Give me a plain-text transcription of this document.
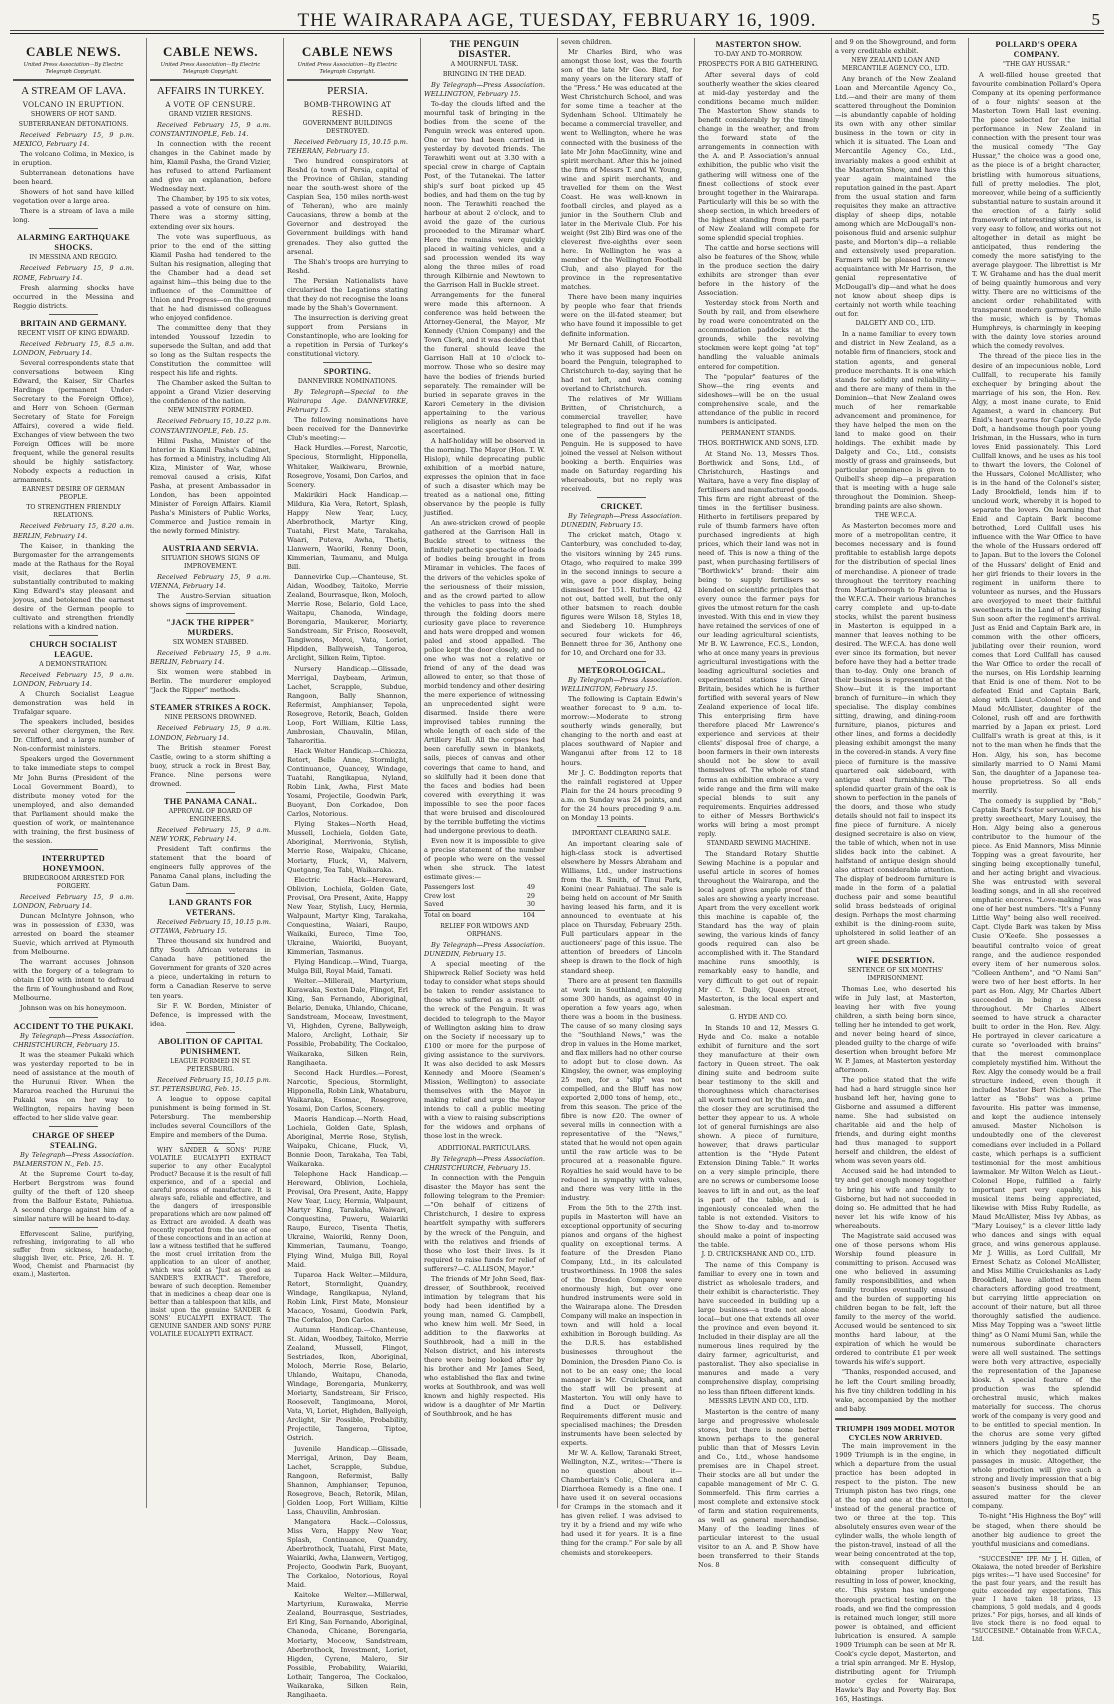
THE WAIRARAPA AGE, TUESDAY, FEBRUARY 16, 1909.	5
CABLE NEWS.
United Press Association—By Electric Telegraph Copyright.
A STREAM OF LAVA.
VOLCANO IN ERUPTION.
SHOWERS OF HOT SAND.
SUBTERRANEAN DETONATIONS.

Received February 15, 9 p.m. MEXICO, February 14.

The volcano Colima, in Mexico, is in eruption.

Subterranean detonations have been heard.

Showers of hot sand have killed vegetation over a large area.

There is a stream of lava a mile long.

ALARMING EARTHQUAKE SHOCKS.
IN MESSINA AND REGGIO.

Received February 15, 9 a.m. ROME, February 14.

Fresh alarming shocks have occurred in the Messina and Reggio districts.

BRITAIN AND GERMANY.
RECENT VISIT OF KING EDWARD.

Received February 15, 8.5 a.m. LONDON, February 14.

Several correspondents state that conversations between King Edward, the Kaiser, Sir Charles Hardinge (permanent Under-Secretary to the Foreign Office), and Herr von Schoen (German Secretary of State for Foreign Affairs), covered a wide field. Exchanges of view between the two Foreign Offices will be more frequent, while the general results should be highly satisfactory. Nobody expects a reduction in armaments.

EARNEST DESIRE OF GERMAN PEOPLE.
TO STRENGTHEN FRIENDLY RELATIONS.

Received February 15, 8.20 a.m. BERLIN, February 14.

The Kaiser, in thanking the Burgomaster for the arrangements made at the Rathaus for the Royal visit, declares that Berlin substantially contributed to making King Edward's stay pleasant and joyous, and betokened the earnest desire of the German people to cultivate and strengthen friendly relations with a kindred nation.

CHURCH SOCIALIST LEAGUE.
A DEMONSTRATION.

Received February 15, 9 a.m. LONDON, February 14.

A Church Socialist League demonstration was held in Trafalgar square.

The speakers included, besides several other clergymen, the Rev. Dr. Clifford, and a large number of Non-conformist ministers.

Speakers urged the Government to take immediate steps to compel Mr John Burns (President of the Local Government Board), to distribute money voted for the unemployed, and also demanded that Parliament should make the question of work, or maintenance with training, the first business of the session.

INTERRUPTED HONEYMOON.
BRIDEGROOM ARRESTED FOR FORGERY.

Received February 15, 9 a.m. LONDON, February 14.

Duncan McIntyre Johnson, who was in possession of £330, was arrested on board the steamer Suevic, which arrived at Plymouth from Melbourne.

The warrant accuses Johnson with the forgery of a telegram to obtain £100 with intent to defraud the firm of Younghusband and Row, Melbourne.

Johnson was on his honeymoon.

ACCIDENT TO THE PUKAKI.

By Telegraph—Press Association. CHRISTCHURCH, February 15.

It was the steamer Pukaki which was yesterday reported to be in need of assistance at the mouth of the Hurunui River. When the Mararoa reached the Hurunui the Pukaki was on her way to Wellington, repairs having been effected to her slide valve gear.

CHARGE OF SHEEP STEALING.

By Telegraph—Press Association. PALMERSTON N., Feb. 15.

At the Supreme Court to-day, Herbert Bergstrom was found guilty of the theft of 120 sheep from the Balfour Estate, Pahiatua. A second charge against him of a similar nature will be heard to-day.

Effervescent Saline, purifying, refreshing, invigorating to all who suffer from sickness, headache, sluggish liver, etc. Price, 2/6. H. T. Wood, Chemist and Pharmacist (by exam.), Masterton.

CABLE NEWS.
United Press Association—By Electric Telegraph Copyright.
AFFAIRS IN TURKEY.
A VOTE OF CENSURE.
GRAND VIZIER RESIGNS.

Received February 15, 9 a.m. CONSTANTINOPLE, Feb. 14.

In connection with the recent changes in the Cabinet made by him, Kiamil Pasha, the Grand Vizier, has refused to attend Parliament and give an explanation, before Wednesday next.

The Chamber, by 195 to six votes, passed a vote of censure on him. There was a stormy sitting, extending over six hours.

The vote was superfluous, as prior to the end of the sitting Kiamil Pasha had tendered to the Sultan his resignation, alleging that the Chamber had a dead set against him—this being due to the influence of the Committee of Union and Progress—on the ground that he had dismissed colleagues who enjoyed confidence.

The committee deny that they intended Youssouf Izzedin to supersede the Sultan, and add that so long as the Sultan respects the Constitution the committee will respect his life and rights.

The Chamber asked the Sultan to appoint a Grand Vizier deserving the confidence of the nation.

NEW MINISTRY FORMED.

Received February 15, 10.22 p.m. CONSTANTINOPLE, Feb. 15.

Hilmi Pasha, Minister of the Interior in Kiamil Pasha's Cabinet, has formed a Ministry, including Ali Kiza, Minister of War, whose removal caused a crisis, Kifat Pasha, at present Ambassador in London, has been appointed Minister of Foreign Affairs. Kiamil Pasha's Ministers of Public Works, Commerce and Justice remain in the newly formed Ministry.

AUSTRIA AND SERVIA.
SITUATION SHOWS SIGNS OF IMPROVEMENT.

Received February 15, 9 a.m. VIENNA, February 14.

The Austro-Servian situation shows signs of improvement.

"JACK THE RIPPER" MURDERS.
SIX WOMEN STABBED.

Received February 15, 9 a.m. BERLIN, February 14.

Six women were stabbed in Berlin. The murderer employed "Jack the Ripper" methods.

STEAMER STRIKES A ROCK.
NINE PERSONS DROWNED.

Received February 15, 9 a.m. LONDON, February 14.

The British steamer Forest Castle, owing to a storm shifting a buoy, struck a rock in Brest Bay, France. Nine persons were drowned.

THE PANAMA CANAL.
APPROVAL OF BOARD OF ENGINEERS.

Received February 15, 9 a.m. NEW YORK, February 14.

President Taft confirms the statement that the board of engineers fully approves of the Panama Canal plans, including the Gatun Dam.

LAND GRANTS FOR VETERANS.

Received February 15, 10.15 p.m. OTTAWA, February 15.

Three thousand six hundred and fifty South African veterans in Canada have petitioned the Government for grants of 320 acres a piece, undertaking in return to form a Canadian Reserve to serve ten years.

Sir F. W. Borden, Minister of Defence, is impressed with the idea.

ABOLITION OF CAPITAL PUNISHMENT.
LEAGUE FORMED IN ST. PETERSBURG.

Received February 15, 10.15 p.m. ST. PETERSBURG, Feb. 15.

A league to oppose capital punishment is being formed in St. Petersburg. The membership includes several Councillors of the Empire and members of the Duma.

WHY SANDER & SONS' PURE VOLATILE EUCALYPTI EXTRACT superior to any other Eucalyptol Product? Because it is the result of full experience, and of a special and careful process of manufacture. It is always safe, reliable and effective, and the dangers of irresponsible preparations which are now palmed off as Extract are avoided. A death was recently reported from the use of one of these concoctions and in an action at law a witness testified that he suffered the most cruel irritation from the application to an ulcer of another, which was sold as "Just as good as SANDER'S EXTRACT". Therefore, beware of such deception. Remember that in medicines a cheap dear one is better than a tablespoon that kills, and insist upon the genuine SANDER & SONS' EUCALYPTI EXTRACT. The GENUINE SANDER AND SONS' PURE VOLATILE EUCALYPTI EXTRACT.

CABLE NEWS
United Press Association—By Electric Telegraph Copyright.
PERSIA.
BOMB-THROWING AT RESHD.
GOVERNMENT BUILDINGS DESTROYED.

Received February 15, 10.15 p.m. TEHERAN, February 15.

Two hundred conspirators at Reshd (a town of Persia, capital of the Province of Ghilan, standing near the south-west shore of the Caspian Sea, 150 miles north-west of Teheran), who are mainly Caucasians, threw a bomb at the Governor and destroyed the Government buildings with hand grenades. They also gutted the arsenal.

The Shah's troops are hurrying to Reshd.

The Persian Nationalists have circularised the Legations stating that they do not recognise the loans made by the Shah's Government.

The insurrection is deriving great support from Persians in Constantinople, who are looking for a repetition in Persia of Turkey's constitutional victory.

SPORTING.
DANNEVIRKE NOMINATIONS.

By Telegraph—Special to the Wairarapa Age. DANNEVIRKE, February 15.

The following nominations have been received for the Dannevirke Club's meeting:—

Hack Hurdles.—Forest, Narcotic, Specious, Stormlight, Hipponella, Whitaker, Waikiwaru, Brownie, Rosegrove, Yosami, Don Carlos, and Scenery.

Makirikiri Hack Handicap.—Mildura, Kia Vera, Retort, Splash, Happy New Year, Lucy, Aberbrothock, Martyr King, Tuatahi, First Mate, Tarakaha, Waari, Puteva, Awha, Thetis, Llanwern, Waoriki, Renny Doon, Kimmerian, Taumanu, and Mulga Bill.

Dannevirke Cup.—Chanteuse, St. Aidan, Woodbey, Taitoko, Merrie Zealand, Bourrasque, Ikon, Moloch, Merrie Rose, Belario, Gold Lace, Waitapu, Chanoda, Windage, Borengaria, Maukerer, Moriarty, Sandstream, Sir Frisco, Roosevelt, Tangiwons, Moroi, Vata, Loriet, Hipdden, Ballyweish, Tangeroa, Arclight, Silken Reim, Tiptoe.

Nursery Handicap.—Glissade, Merrigal, Daybeam, Arimun, Lachet, Scrapple, Subdue, Rangoon, Bally Shannon, Refermist, Amphianser, Tepola, Rosegrove, Retorik, Beach, Golden Loop, Fort William, Kiltie Lass, Ambrosian, Chauvalin, Milan, Taharoritia.

Hack Welter Handicap.—Chiozza, Retort, Belle Anne, Stormlight, Continuance, Quancey, Windage, Tuatahi, Rangikapua, Nyland, Robin Link, Awha, First Mate Yosami, Projectile, Goodwin Park, Buoyant, Don Corkadoe, Don Carlos, Notorious.

Flying Stakes—North Head, Mussell, Lochiela, Golden Gate, Aboriginal, Merrivonia, Stylish, Merrie Rose, Waipaku, Chicane, Moriarty, Fluck, Vi, Malvern, Quetgang, Tea Tabi, Waikaraka.

Electric Hack—Hereward, Oblivion, Lochiela, Golden Gate, Provisal, Ora Present, Axite, Happy New Year, Stylish, Lucy, Hermia, Walpaunt, Martyr King, Tarakaha, Conquestina, Waiari, Raupo, Waikaiki, Eureco, Time Too, Ukraine, Waioriki, Buoyant, Kimmerian, Tasmanus.

Flying Handicap.—Wind, Tuarga, Mulga Bill, Royal Maid, Tamati.

Welter.—Millerail, Martyrium, Kurawaka, Sexton Dale, Flingot, Erl King, San Fernando, Aboriginal, Belario, Denuka, Uhlando, Chicane, Sandstream, Moceaw, Investment, Vi, Highden, Cyrene, Ballyweigh, Maloro, Arclight, Lothair, Sir Possible, Probability, The Cockaloo, Waikaraka, Silken Rein, Rangihaeta.

Second Hack Hurdles.—Forest, Narcotic, Specious, Stormlight, Hipponella, Robin Link, Whataburu, Waikaraka, Esomac, Rosegrove, Yosami, Don Carlos, Scenery.

Maoris Handicap.—North Head, Lochiela, Golden Gate, Splash, Aboriginal, Merrie Rose, Stylish, Waipaku, Chicane, Fluck, Vi, Bonnie Doon, Tarakaha, Tea Tabi, Waikaraka.

Telephone Hack Handicap.—Hereward, Oblivion, Lochiela, Provisal, Ora Present, Axite, Happy New Year, Lucy, Hermia, Walpaunt, Martyr King, Tarakaha, Waiwari, Conquestina, Puweru, Waiariki Raupo, Eureco, Tisenta Thetis, Ukraine, Waioriki, Renny Doon, Kimmerian, Taumanu, Toango, Flying Wind, Mulga Bill, Royal Maid.

Tuparoa Hack Welter.—Mildura, Retort, Stormlight, Quandry, Windage, Rangikapua, Nyland, Robin Link, First Mate, Monsieur Macaco, Yosami, Goodwin Park, The Corkaloo, Don Carlos.

Autumn Handicap.—Chanteuse, St. Aidan, Woodbey, Taitoko, Merrie Zealand, Mussell, Flingot, Sestriades, Ikon, Aboriginal, Moloch, Merrie Rose, Belario, Uhlando, Waitapu, Chanoda, Windage, Borengaria, Munkerry, Moriarty, Sandstream, Sir Frisco, Roosevelt, Tangimoana, Moroi, Vata, Vi, Loriet, Highden, Ballyeigh, Arclight, Sir Possible, Probability, Projectile, Tangeroa, Tiptoe, Ostrich.

Juvenile Handicap.—Glissade, Merrigal, Arinon, Day Beam, Lachet, Scrapple, Subdue, Rangoon, Refermist, Bally Shannon, Amphianser, Tepunoa, Rosegrove, Beach, Retorik, Milan, Golden Loop, Fort William, Kiltie Lass, Chauvilin, Ambrosian.

Mangatera Hack.—Colossus, Miss Vera, Happy New Year, Splash, Continuance, Quandry, Aberbrothock, Tuatahi, First Mate, Waiariki, Awha, Llanwern, Vertigog, Projecto, Goodwin Park, Buoyant, The Corkaloo, Notorious, Royal Maid.

Kaitoke Welter.—Millerwal, Martyrium, Kurawaka, Merrie Zealand, Bourrasque, Sestriades, Erl King, San Fernando, Aboriginal, Chanoda, Chicane, Borengaria, Moriarty, Moceow, Sandstream, Aberbrothock, Investment, Loriet, Higden, Cyrene, Malero, Sir Possible, Probability, Waiariki, Lothair, Tangeroa, The Cockaloo, Waikaraka, Silken Rein, Rangihaeta.

THE PENGUIN DISASTER.
A MOURNFUL TASK.
BRINGING IN THE DEAD.

By Telegraph—Press Association. WELLINGTON, February 15.

To-day the clouds lifted and the mournful task of bringing in the bodies from the scene of the Penguin wreck was entered upon. One or two had been carried in yesterday by devoted friends. The Terawhiti went out at 3.30 with a special crew in charge of Captain Post, of the Tutanekai. The latter ship's surf boat picked up 45 bodies, and had them on the tug by noon. The Terawhiti reached the harbour at about 2 o'clock, and to avoid the gaze of the curious proceeded to the Miramar wharf. Here the remains were quickly placed in waiting vehicles, and a sad procession wended its way along the three miles of road through Kilbirnie and Newtown to the Garrison Hall in Buckle street.

Arrangements for the funeral were made this afternoon. A conference was held between the Attorney-General, the Mayor, Mr Kennedy (Union Company) and the Town Clerk, and it was decided that the funeral should leave the Garrison Hall at 10 o'clock to-morrow. Those who so desire may have the bodies of friends buried separately. The remainder will be buried in separate graves in the Karori Cemetery in the division appertaining to the various religions as nearly as can be ascertained.

A half-holiday will be observed in the morning. The Mayor (Hon. T. W. Hislop), while deprecating public exhibition of a morbid nature, expresses the opinion that in face of such a disaster which may be treated as a national one, fitting observance by the people is fully justified.

An awe-stricken crowd of people gathered at the Garrison Hall in Buckle street to witness the infinitely pathetic spectacle of loads of bodies being brought in from Miramar in vehicles. The faces of the drivers of the vehicles spoke of the seriousness of their mission, and as the crowd parted to allow the vehicles to pass into the shed through the folding doors mere curiosity gave place to reverence and hats were dropped and women paled and stood appalled. The police kept the door closely, and no one who was not a relative or friend of any of the dead was allowed to enter, so that those of morbid tendency and other desiring the mere experience of witnessing an unprecedented sight were disarmed. Inside there were improvised tables running the whole length of each side of the Artillery Hall. All the corpses had been carefully sewn in blankets, sails, pieces of canvas and other coverings that came to hand, and so skilfully had it been done that the faces and bodies had been covered with everything it was impossible to see the poor faces that were bruised and discoloured by the terrible buffeting the victims had undergone previous to death.

Even now it is impossible to give a precise statement of the number of people who were on the vessel when she struck. The latest estimate gives:—

Passengers lost	49
Crew lost	29
Saved	30
Total on board	104
RELIEF FOR WIDOWS AND ORPHANS.

By Telegraph—Press Association. DUNEDIN, February 15.

A special meeting of the Shipwreck Relief Society was held today to consider what steps should be taken to render assistance to those who suffered as a result of the wreck of the Penguin. It was decided to telegraph to the Mayor of Wellington asking him to draw on the Society if necessary up to £100 or more for the purpose of giving assistance to the survivors. It was also decided to ask Messrs Kennedy and Moore (Seamen's Mission, Wellington) to associate themselves with the Mayor in making relief and urge the Mayor intends to call a public meeting with a view to raising subscriptions for the widows and orphans of those lost in the wreck.

ADDITIONAL PARTICULARS.

By Telegraph—Press Association. CHRISTCHURCH, February 15.

In connection with the Penguin disaster the Mayor has sent the following telegram to the Premier:—"On behalf of citizens of Christchurch, I desire to express heartfelt sympathy with sufferers by the wreck of the Penguin, and with the relatives and friends of those who lost their lives. Is it required to raise funds for relief of sufferers?—C. ALLISON, Mayor."

The friends of Mr John Seed, flax-dresser, of Southbrook, received intimation by telegram that his body had been identified by a young man, named G. Campbell, who knew him well. Mr Seed, in addition to the flaxworks at Southbrook, had a mill in the Nelson district, and his interests there were being looked after by his brother and Mr James Seed, who established the flax and twine works at Southbrook, and was well known and highly respected. His widow is a daughter of Mr Martin of Southbrook, and he has

seven children.

Mr Charles Bird, who was amongst those lost, was the fourth son of the late Mr Geo. Bird, for many years on the literary staff of the "Press." He was educated at the West Christchurch School, and was for some time a teacher at the Sydenham School. Ultimately he became a commercial traveller, and went to Wellington, where he was connected with the business of the late Mr John MacGinnity, wine and spirit merchant. After this he joined the firm of Messrs T. and W. Young, wine and spirit merchants, and travelled for them on the West Coast. He was well-known in football circles, and played as a junior in the Southern Club and later in the Merivale Club. For his weight (9st 2lb) Bird was one of the cleverest five-eighths ever seen here. In Wellington he was a member of the Wellington Football Club, and also played for the province in the representative matches.

There have been many inquiries by people who fear that friends were on the ill-fated steamer, but who have found it impossible to get definite information.

Mr Bernard Cahill, of Riccarton, who it was supposed had been on board the Penguin, telegraphed to Christchurch to-day, saying that he had not left, and was coming overland to Christchurch.

The relatives of Mr William Britten, of Christchurch, a commercial traveller, have telegraphed to find out if he was one of the passengers by the Penguin. He is supposed to have joined the vessel at Nelson without booking a berth. Enquiries was made on Saturday regarding his whereabouts, but no reply was received.

CRICKET.

By Telegraph—Press Association. DUNEDIN, February 15.

The cricket match, Otago v. Canterbury, was concluded to-day, the visitors winning by 245 runs. Otago, who required to make 399 in the second innings to secure a win, gave a poor display, being dismissed for 151. Rutherford, 42 not out, batted well, but the only other batsmen to reach double figures were Wilson 18, Styles 18, and Siedeberg 10. Humphreys secured four wickets for 46, Bennett three for 36, Anthony one for 10, and Orchard one for 33.

METEOROLOGICAL.

By Telegraph—Press Association. WELLINGTON, February 15.

The following is Captain Edwin's weather forecast to 9 a.m. to-morrow:—Moderate to strong southerly winds generally, but changing to the north and east at places southward of Napier and Wanganui after from 12 to 18 hours.

Mr J. C. Boddington reports that the rainfall registered at Upper Plain for the 24 hours preceding 9 a.m. on Sunday was 24 points, and for the 24 hours preceding 9 a.m. on Monday 13 points.

IMPORTANT CLEARING SALE.

An important clearing sale of high-class stock is advertised elsewhere by Messrs Abraham and Williams, Ltd., under instructions from the R. Smith, of Tinui Park, Konini (near Pahiatua). The sale is being held on account of Mr Smith having leased his farm, and it is announced to eventuate at his place on Thursday, February 25th. Full particulars appear in the auctioneers' page of this issue. The attention of breeders of Lincoln sheep is drawn to the flock of high standard sheep.

There are at present ten flaxmills at work in Southland, employing some 300 hands, as against 40 in operation a few years ago, when there was a boom in the business. The cause of so many closing says the "Southland News," was the drop in values in the Home market, and flax millers had no other course to adopt but to close down. As Kingsley, the owner, was employing 25 men, for a "slip" was not compelled, and the Bluff has now exported 2,000 tons of hemp, etc., from this season. The price of the fibre is now £20. The owner of several mills in connection with a representative of the "News," stated that he would not open again until the raw article was to be procured at a reasonable figure. Royalties he said would have to be reduced in sympathy with values, and there was very little in the industry.

From the 5th to the 27th inst. pupils in Masterton will have an exceptional opportunity of securing pianos and organs of the highest quality on exceptional terms. A feature of the Dresden Piano Company, Ltd., in its calculated trustworthiness. In 1908 the sales of the Dresden Company were enormously high, but over one hundred instruments were sold in the Wairarapa alone. The Dresden Company will make an inspection in town and will hold a local exhibition in Borough building. As the D.R.S. has established businesses throughout the Dominion, the Dresden Piano Co. is not to be an easy one; the local manager is Mr. Cruickshank, and the staff will be present at Masterton. You will only have to find a Duct or Delivery. Requirements different music and specialised machines; the Dresden instruments have been selected by experts.

Mr W. A. Kellow, Taranaki Street, Wellington, N.Z., writes:—"There is no question about it—Chamberlain's Colic, Cholera and Diarrhoea Remedy is a fine one. I have used it on several occasions for Cramps in the stomach and it has given relief. I was advised to try it by a friend and my wife who had used it for years. It is a fine thing for the cramp." For sale by all chemists and storekeepers.

MASTERTON SHOW.
TO-DAY AND TO-MORROW.
PROSPECTS FOR A BIG GATHERING.

After several days of cold southerly weather the skies cleared at mid-day yesterday and the conditions became much milder. The Masterton Show stands to benefit considerably by the timely change in the weather, and from the forward state of the arrangements in connection with the A. and P. Association's annual exhibition, the public who visit the gathering will witness one of the finest collections of stock ever brought together in the Wairarapa. Particularly will this be so with the sheep section, in which breeders of the highest standing from all parts of New Zealand will compete for some splendid special trophies.

The cattle and horse sections will also be features of the Show, while in the produce section the dairy exhibits are stronger than ever before in the history of the Association.

Yesterday stock from North and South by rail, and from elsewhere by road were concentrated on the accommodation paddocks at the grounds, while the revolving stockmen were kept going "at top" handling the valuable animals entered for competition.

The "popular" features of the Show—the ring events and sideshows—will be on the usual comprehensive scale, and the attendance of the public in record numbers is anticipated.

PERMANENT STANDS.
THOS. BORTHWICK AND SONS, LTD.

At Stand No. 13, Messrs Thos. Borthwick and Sons, Ltd., of Christchurch, Hastings and Waitara, have a very fine display of fertilisers and manufactured goods. This firm are right abreast of the times in the fertiliser business. Hitherto in fertilisers prepared by rule of thumb farmers have often purchased ingredients at high prices, which their land was not in need of. This is now a thing of the past, when purchasing fertilisers of "Borthwick's" brand: their aim being to supply fertilisers so blended on scientific principles that every ounce the farmer pays for gives the utmost return for the cash invested. With this end in view they have retained the services of one of our leading agricultural scientists, Mr B. W. Lawrence, F.C.S., London, who at once many years in previous agricultural investigations with the leading agricultural societies and experimental stations in Great Britain, besides which he is further fortified with several years of New Zealand experience of local life. This enterprising firm have therefore placed Mr Lawrence's experience and services at their clients' disposal free of charge, a boon farmers in their own interests should not be slow to avail themselves of. The whole of stand forms an exhibition embrace a very wide range and the firm will make special blends to suit any requirements. Enquiries addressed to either of Messrs Borthwick's works will bring a most prompt reply.

STANDARD SEWING MACHINE.

The Standard Rotary Shuttle Sewing Machine is a popular and useful article in scores of homes throughout the Wairarapa, and the local agent gives ample proof that sales are showing a yearly increase. Apart from the very excellent work this machine is capable of, the Standard has the way of plain sewing, the various kinds of fancy goods required can also be accomplished with it. The Standard machine runs smoothly, is remarkably easy to handle, and very difficult to get out of repair. Mr C. Y. Daily, Queen street, Masterton, is the local expert and salesman.

G. HYDE AND CO.

In Stands 10 and 12, Messrs G. Hyde and Co. make a notable exhibit of furniture and the sort they manufacture at their own factory in Queen street. The oak dining suite and bedroom suite bear testimony to the skill and thoroughness which characterises all work turned out by the firm, and the closer they are scrutinised the better they appear to us. A whole lot of general furnishings are also shown. A piece of furniture, however, that draws particular attention is the "Hyde Patent Extension Dining Table." It works on a very simple principle, there are no screws or cumbersome loose leaves to lift in and out, as the leaf is part of the table, and is ingeniously concealed when the table is not extended. Visitors to the Show to-day and to-morrow should make a point of inspecting the table.

J. D. CRUICKSHANK AND CO., LTD.

The name of this Company is familiar to every one in town and district as wholesale traders, and their exhibit is characteristic. They have succeeded in building up a large business—a trade not alone local—but one that extends all over the province and even beyond it. Included in their display are all the numerous lines required by the dairy farmer, agriculturist, and pastoralist. They also specialise in manures and made a very comprehensive display, comprising no less than fifteen different kinds.

MESSRS LEVIN AND CO., LTD.

Masterton is the centre of many large and progressive wholesale stores, but there is none better known perhaps to the general public than that of Messrs Levin and Co., Ltd., whose handsome premises are in Chapel street. Their stocks are all but under the capable management of Mr C. G. Sommerfeld. This firm carries a most complete and extensive stock of farm and station requirements, as well as general merchandise. Many of the leading lines of particular interest to the usual visitor to an A. and P. Show have been transferred to their Stands Nos. 8

and 9 on the Showground, and form a very creditable exhibit.

NEW ZEALAND LOAN AND MERCANTILE AGENCY CO., LTD.

Any branch of the New Zealand Loan and Mercantile Agency Co., Ltd.—and their are many of them scattered throughout the Dominion—is abundantly capable of holding its own with any other similar business in the town or city in which it is situated. The Loan and Mercantile Agency Co., Ltd., invariably makes a good exhibit at the Masterton Show, and have this year again maintained the reputation gained in the past. Apart from the usual station and farm requisites they make an attractive display of sheep dips, notable among which are McDougall's non-poisonous fluid and arsenic sulphur paste, and Morton's dip—a reliable and extensively used preparation. Farmers will be pleased to renew acquaintance with Mr Harrison, the genial representative of McDougall's dip—and what he does not know about sheep dips is certainly not worth while teaching out for.

DALGETY AND CO., LTD.

In a name familiar to every town and district in New Zealand, as a notable firm of financiers, stock and station agents, and general produce merchants. It is one which stands for solidity and reliability—and there are many of them in the Dominion—that New Zealand owes much of her remarkable advancement and prominence, for they have helped the men on the land to make good on their holdings. The exhibit made by Dalgety and Co., Ltd., consists mostly of grass and grainseeds, but particular prominence is given to Quibell's sheep dip—a preparation that is meeting with a huge sale throughout the Dominion. Sheep-branding paints are also shown.

THE W.F.C.A.

As Masterton becomes more and more of a metropolitan centre, it becomes necessary and is found profitable to establish large depots for the distribution of special lines of merchandise. A pioneer of trade throughout the territory reaching from Martinborough to Pahiatua is the W.F.C.A. Their various branches carry complete and up-to-date stocks, whilst the parent business in Masterton is equipped in a manner that leaves nothing to be desired. The W.F.C.A. has done well ever since its formation, but never before have they had a better trade than to-day. Only one branch of their business is represented at the Show—but it is the important branch of furniture—in which they specialise. The display combines sitting, drawing, and dining-room furniture, pianos, pictures and other lines, and forms a decidedly pleasing exhibit amongst the many in the covered-in stands. A very fine piece of furniture is the massive quartered oak sideboard, with antique steel furnishings. The splendid quarter grain of the oak is shown to perfection in the panels of the doors, and those who study details should not fail to inspect its fine piece of furniture. A nicely designed secretaire is also on view, the table of which, when not in use slides back into the cabinet. A halfstand of antique design should also attract considerable attention. The display of bedroom furniture is made in the form of a palatial duchess pair and some beautiful solid brass bedsteads of original design. Perhaps the most charming exhibit is the dining-room suite, upholstered in solid leather of an art green shade.

WIFE DESERTION.
SENTENCE OF SIX MONTHS' IMPRISONMENT.

Thomas Lee, who deserted his wife in July last, at Masterton, leaving her with five young children, a sixth being born since, telling her he intended to get work, and never being heard of since, pleaded guilty to the charge of wife desertion when brought before Mr W. P. James, at Masterton yesterday afternoon.

The police stated that the wife had had a hard struggle since her husband left her, having gone to Gisborne and assumed a different name. She had subsisted on charitable aid and the help of friends, and during eight months had thus managed to support herself and children, the eldest of whom was seven years old.

Accused said he had intended to try and get enough money together to bring his wife and family to Gisborne, but had not succeeded in doing so. He admitted that he had never let his wife know of his whereabouts.

The Magistrate said accused was one of those persons whom His Worship found pleasure in committing to prison. Accused was one who believed in assuming family responsibilities, and when family troubles eventually ensued and the burden of supporting his children began to be felt, left the family to the mercy of the world. Accused would be sentenced to six months hard labour, at the expiration of which he would be ordered to contribute £1 per week towards his wife's support.

"Thanks, responded accused, and he left the Court smiling broadly, his five tiny children toddling in his wake, accompanied by the mother and baby.

TRIUMPH 1909 MODEL MOTOR CYCLES NOW ARRIVED.

The main improvement in the 1909 Triumph is in the engine, in which a departure from the usual practice has been adopted in respect to the piston. The new Triumph piston has two rings, one at the top and one at the bottom, instead of the general practice of two or three at the top. This absolutely ensures even wear of the cylinder walls, the whole length of the piston-travel, instead of all the wear being concentrated at the top, with consequent difficulty of obtaining proper lubrication, resulting in loss of power, knocking, etc. This system has undergone thorough practical testing on the roads, and we find the compression is retained much longer, still more power is obtained, and efficient lubrication is ensured. A sample 1909 Triumph can be seen at Mr R. Cook's cycle depot, Masterton, and a trial spin arranged. Mr E. Hyslop, distributing agent for Triumph motor cycles for Wairarapa, Hawke's Bay and Poverty Bay. Box 165, Hastings.

POLLARD'S OPERA COMPANY.
"THE GAY HUSSAR."

A well-filled house greeted that favourite combination Pollard's Opera Company at its opening performance of a four nights' season at the Masterton Town Hall last evening. The piece selected for the initial performance in New Zealand in connection with the present tour was the musical comedy "The Gay Hussar," the choice was a good one, as the piece is of a bright character, bristling with humorous situations, full of pretty melodies. The plot, moreover, while being of a sufficiently substantial nature to sustain around it the erection of a fairly solid framework of interesting situations, is very easy to follow, and works out not altogether in detail as might be anticipated, thus rendering the comedy the more satisfying to the average playgoer. The librettist is Mr T. W. Grahame and has the dual merit of being quaintly humorous and very witty. There are no witticisms of the ancient order rehabilitated with transparent modern garments, while the music, which is by Thomas Humphreys, is charmingly in keeping with the dainty love stories around which the comedy revolves.

The thread of the piece lies in the desire of an impecunious noble, Lord Cullfall, to recuperate his family exchequer by bringing about the marriage of his son, the Hon. Rev. Algy, a most inane curate, to Enid Agamest, a ward in chancery. But Enid's heart yearns for Captain Clyde Doft, a handsome though poor young Irishman, in the Hussars, who in turn loves Enid passionately. This Lord Cullfall knows, and he uses as his tool to thwart the lovers, the Colonel of the Hussars, Colonel McAllister, who is in the hand of the Colonel's sister, Lady Brookfield, lends him if to uncloud work, whereby it is hoped to separate the lovers. On learning that Enid and Captain Bark become betrothed, Lord Cullfall uses his influence with the War Office to have the whole of the Hussars ordered off to Japan. But to the lovers the Colonel of the Hussars' delight of Enid and her girl friends to their lovers in the regiment in uniform there to volunteer as nurses, and the Hussars are overjoyed to meet their faithful sweethearts in the Land of the Rising Sun soon after the regiment's arrival. Just as Enid and Captain Bark are, in common with the other officers, jubilating over their reunion, word comes that Lord Cullfall has caused the War Office to order the recall of the nurses, on His Lordship learning that Enid is one of them. Not to be defeated Enid and Captain Bark, along with Lieut.-Colonel Hope and Maud McAllister, daughter of the Colonel, rush off and are forthwith married by a Japan ex priest. Lord Cullfall's wrath is great at this, is it not to the man when he finds that the Hon. Algy, his son, has become similarly married to O Nami Mami San, the daughter of a Japanese tea-house proprietress. So all ends merrily.

The comedy is supplied by "Bob," Captain Bark's foster servant, and his pretty sweetheart, Mary Louisey, the Hon. Algy being also a generous contributor to the humour of the piece. As Enid Mannors, Miss Minnie Topping was a great favourite, her singing being exceptionally tuneful, and her acting bright and vivacious. She was entrusted with several leading songs, and in all she received emphatic encores. "Love-making" was one of her best numbers. "It's a Funny Little Way" being also well received. Capt. Clyde Bark was taken by Miss Cusie O'Keefe. She possesses a beautiful contralto voice of great range, and the audience responded every item of her numerous solos. "Colleen Anthem", and "O Nami San" were two of her best efforts. In her part as Hon. Algy, Mr Charles Albert succeeded in being a success throughout. Mr Charles Albert seemed to have struck a character built to order in the Hon. Rev. Algy. He portrayed in clever caricature a curate so "overloaded with brains" that the merest commonplace completely mystified him. Without the Rev. Algy the comedy would be a frail structure indeed, even though it included Master Bert Nicholson. The latter as "Bobs" was a prime favourite. His patter was immense, and kept the audience intensely amused. Master Nicholson is undoubtedly one of the cleverest comedians ever included in a Pollard caste, which perhaps is a sufficient testimonial for the most ambitious lawmaker. Mr Wilton Welch as Lieut.-Colonel Hope, fulfilled a fairly important part very capably, his musical items being appreciated, likewise with Miss Ruby Rudelle, as Maud McAllister, Miss Ivy Abbas, as "Mary Louisey," is a clever little lady who dances and sings with equal grace, and wins generous applause. Mr J. Willis, as Lord Cullfall, Mr Ernest Schatz as Colonel McAllister, and Miss Millie Cruickshanks as Lady Brookfield, have allotted to them characters affording good treatment, but carrying little appreciation on account of their nature, but all three thoroughly satisfied the audience. Miss May Topping was a "sweet little thing" as O Nami Mumi San, while the numerous subordinate characters were all well sustained. The settings were both very attractive, especially the representation of the Japanese kiosk. A special feature of the production was the splendid orchestral music, which makes materially for success. The chorus work of the company is very good and to be entitled to special mention. In the chorus are some very gifted winners judging by the easy manner in which they negotiated difficult passages in music. Altogether, the whole production will give such a strong and lively impression that a big season's business should be an assured matter for the clever company.

To-night "His Highness the Boy" will be staged, when there should be another big audience to greet the youthful musicians and comedians.

"SUCCESINE" IPF. Mr J. H. Gillen, of Okaiawa, the noted breeder of Berkshire pigs writes:—"I have used Succesine" for the past four years, and the result has quite exceeded my expectations. This year I have taken 18 prizes, 13 champions, 5 gold medals, and 4 goods prizes." For pigs, horses, and all kinds of live stock there is no food equal to "SUCCESINE." Obtainable from W.F.C.A., Ltd.
